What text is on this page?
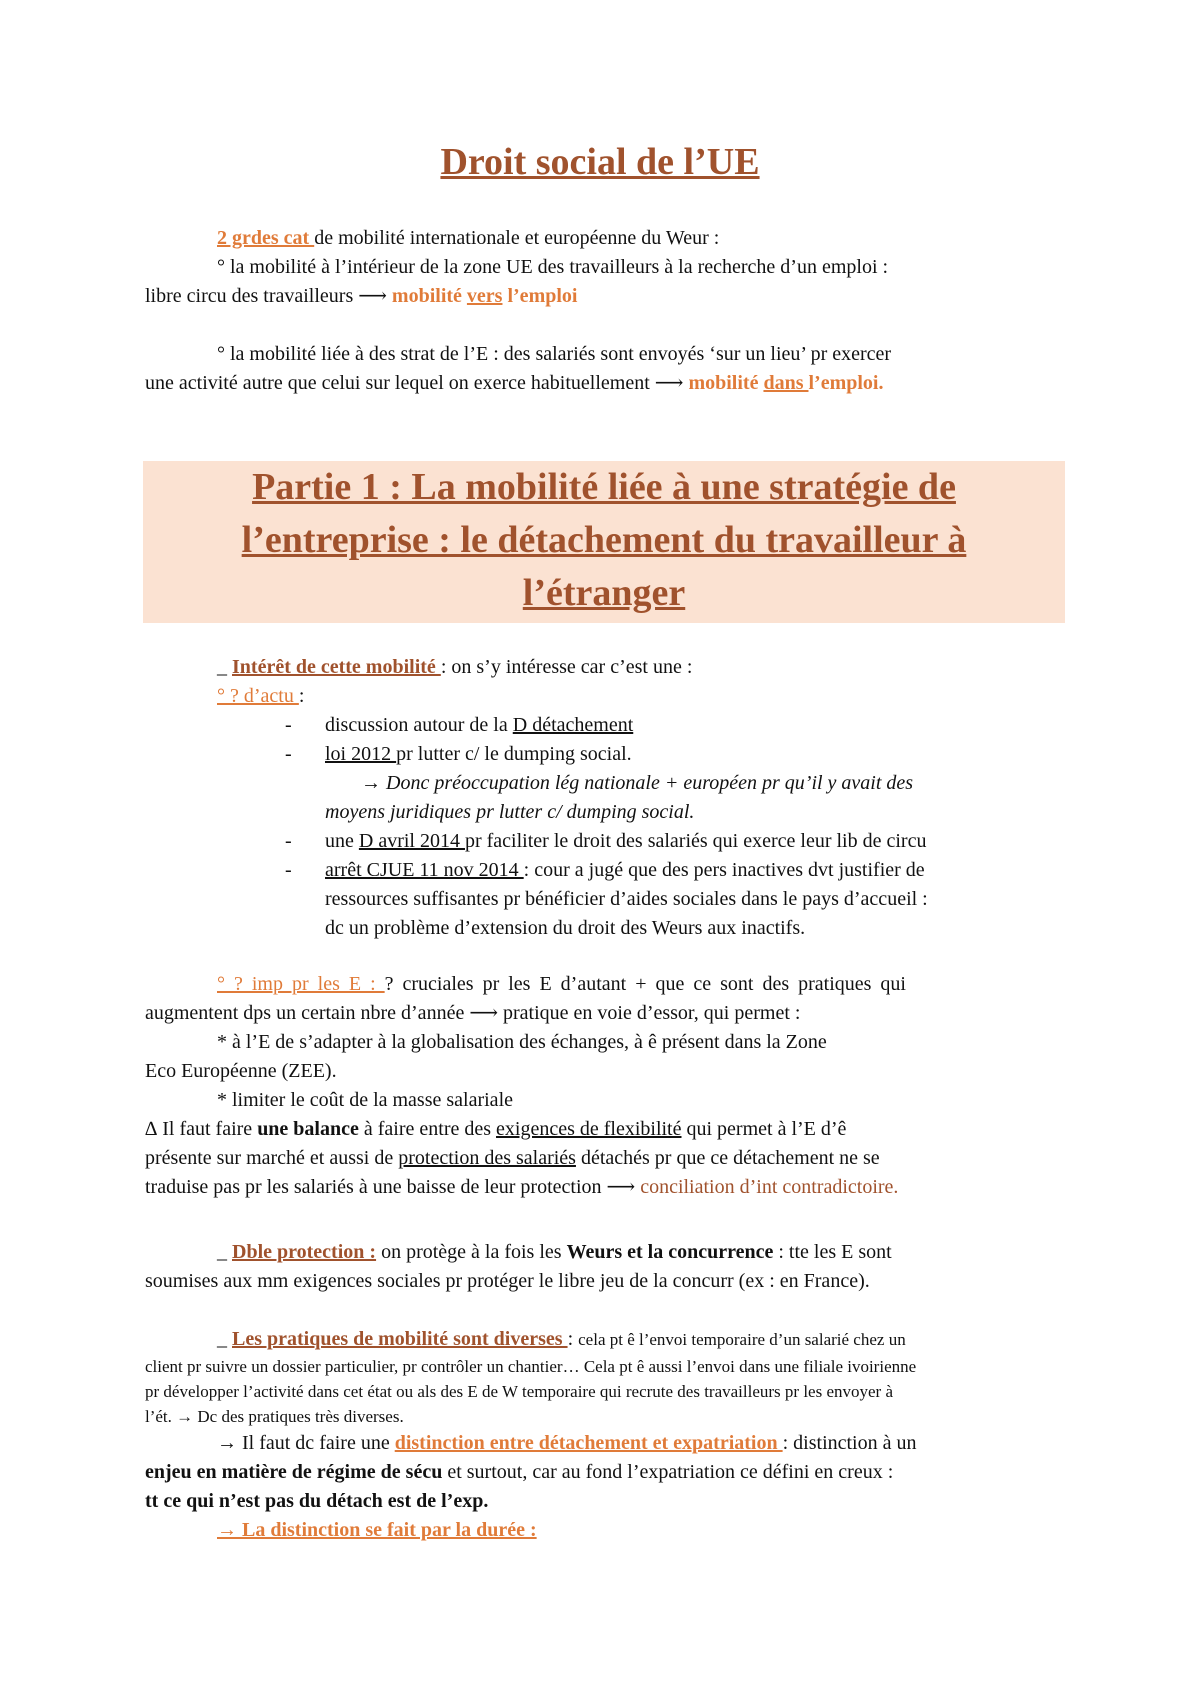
Droit social de l’UE
2 grdes cat de mobilité internationale et européenne du Weur :
° la mobilité à l’intérieur de la zone UE des travailleurs à la recherche d’un emploi :
libre circu des travailleurs ⟶ mobilité vers l’emploi
° la mobilité liée à des strat de l’E : des salariés sont envoyés ‘sur un lieu’ pr exercer
une activité autre que celui sur lequel on exerce habituellement ⟶ mobilité dans l’emploi.
Partie 1 : La mobilité liée à une stratégie de
l’entreprise : le détachement du travailleur à
l’étranger
_ Intérêt de cette mobilité : on s’y intéresse car c’est une :
° ? d’actu :
- discussion autour de la D détachement
- loi 2012 pr lutter c/ le dumping social.
→ Donc préoccupation lég nationale + européen pr qu’il y avait des
moyens juridiques pr lutter c/ dumping social.
- une D avril 2014 pr faciliter le droit des salariés qui exerce leur lib de circu
- arrêt CJUE 11 nov 2014 : cour a jugé que des pers inactives dvt justifier de
ressources suffisantes pr bénéficier d’aides sociales dans le pays d’accueil :
dc un problème d’extension du droit des Weurs aux inactifs.
° ? imp pr les E : ? cruciales pr les E d’autant + que ce sont des pratiques qui
augmentent dps un certain nbre d’année ⟶ pratique en voie d’essor, qui permet :
* à l’E de s’adapter à la globalisation des échanges, à ê présent dans la Zone
Eco Européenne (ZEE).
* limiter le coût de la masse salariale
∆ Il faut faire une balance à faire entre des exigences de flexibilité qui permet à l’E d’ê
présente sur marché et aussi de protection des salariés détachés pr que ce détachement ne se
traduise pas pr les salariés à une baisse de leur protection ⟶ conciliation d’int contradictoire.
_ Dble protection : on protège à la fois les Weurs et la concurrence : tte les E sont
soumises aux mm exigences sociales pr protéger le libre jeu de la concurr (ex : en France).
_ Les pratiques de mobilité sont diverses : cela pt ê l’envoi temporaire d’un salarié chez un
client pr suivre un dossier particulier, pr contrôler un chantier… Cela pt ê aussi l’envoi dans une filiale ivoirienne
pr développer l’activité dans cet état ou als des E de W temporaire qui recrute des travailleurs pr les envoyer à
l’ét. → Dc des pratiques très diverses.
→ Il faut dc faire une distinction entre détachement et expatriation : distinction à un
enjeu en matière de régime de sécu et surtout, car au fond l’expatriation ce défini en creux :
tt ce qui n’est pas du détach est de l’exp.
→ La distinction se fait par la durée :
